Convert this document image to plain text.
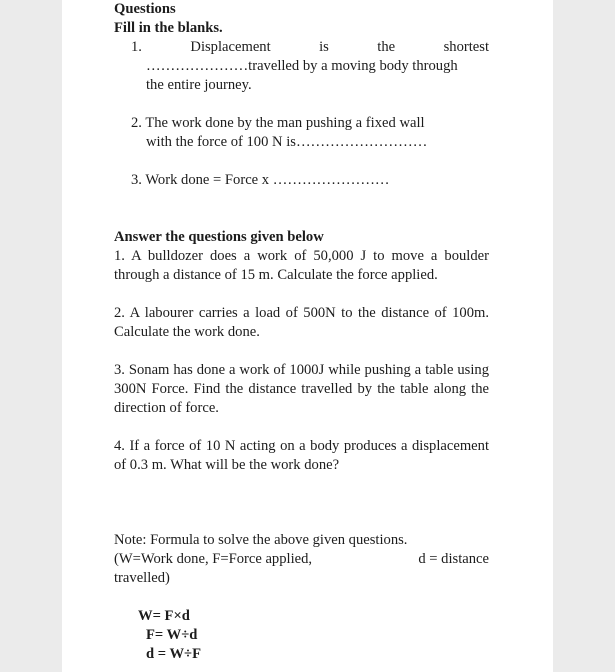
Questions
Fill in the blanks.
1.	Displacement	is	the	shortest
…………………travelled by a moving body through
the entire journey.
2. The work done by the man pushing a fixed wall
with the force of 100 N is………………………
3. Work done = Force x ……………………
Answer the questions given below
1. A bulldozer does a work of 50,000 J to move a boulder through a distance of 15 m. Calculate the force applied.
2. A labourer carries a load of 500N to the distance of 100m. Calculate the work done.
3. Sonam has done a work of 1000J while pushing a table using 300N Force. Find the distance travelled by the table along the direction of force.
4. If a force of 10 N acting on a body produces a displacement of 0.3 m. What will be the work done?
Note: Formula to solve the above given questions.
(W=Work done, F=Force applied,	d = distance
travelled)
W= F×d
F= W÷d
d = W÷F
